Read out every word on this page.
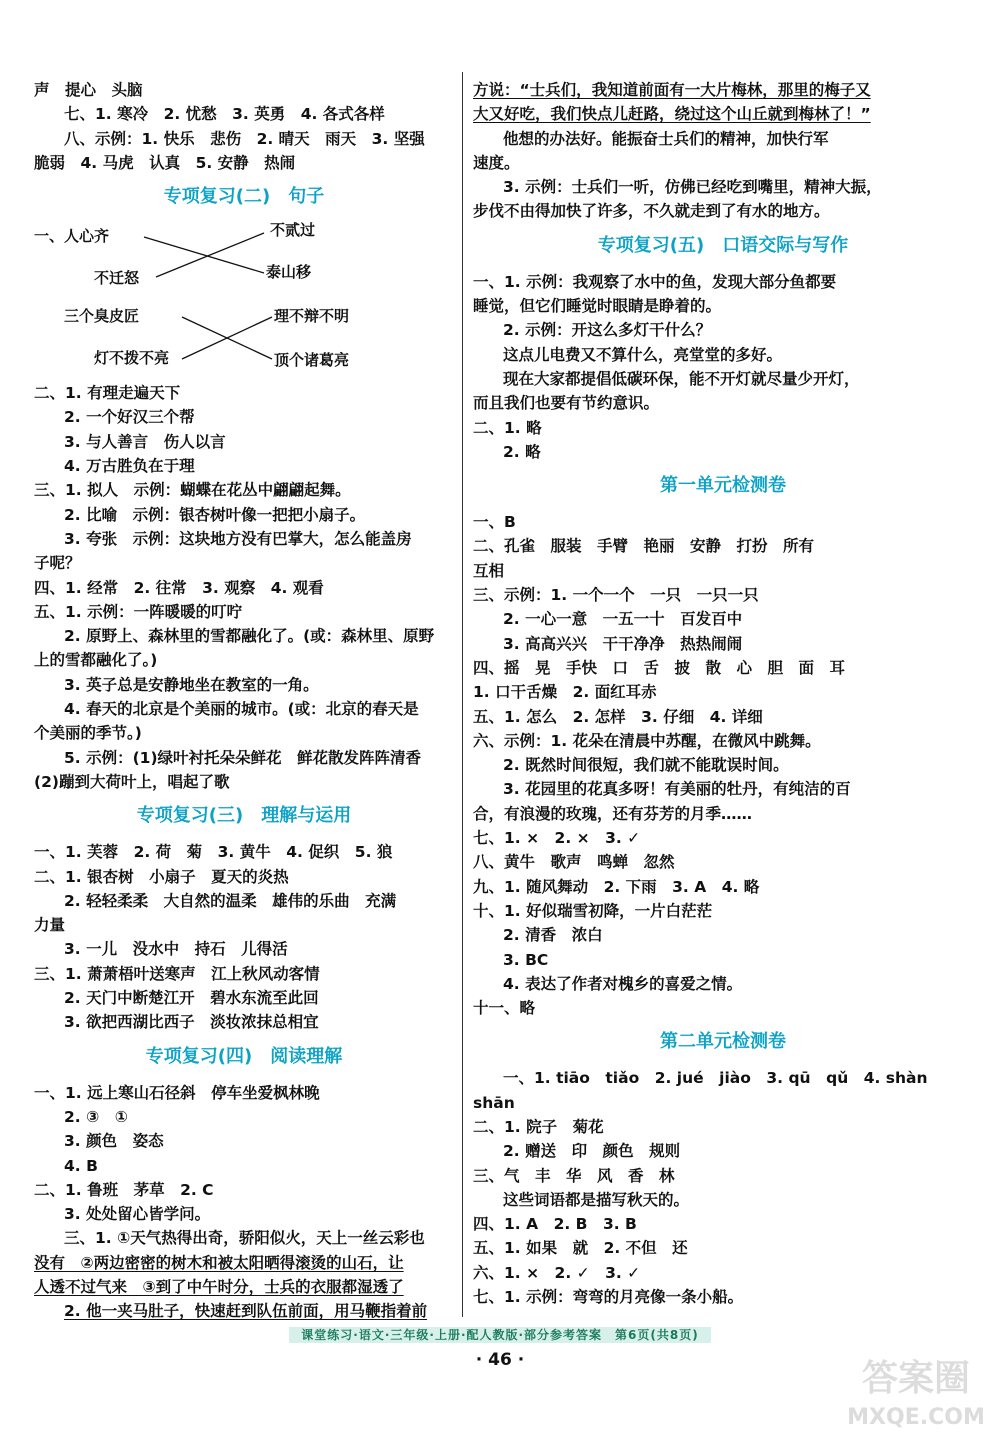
声　提心　头脑
七、1. 寒冷　2. 忧愁　3. 英勇　4. 各式各样
八、示例：1. 快乐　悲伤　2. 晴天　雨天　3. 坚强
脆弱　4. 马虎　认真　5. 安静　热闹
专项复习(二)　句子
一、人心齐
不迁怒
不贰过
泰山移
三个臭皮匠
灯不拨不亮
理不辩不明
顶个诸葛亮
二、1. 有理走遍天下
2. 一个好汉三个帮
3. 与人善言　伤人以言
4. 万古胜负在于理
三、1. 拟人　示例：蝴蝶在花丛中翩翩起舞。
2. 比喻　示例：银杏树叶像一把把小扇子。
3. 夸张　示例：这块地方没有巴掌大，怎么能盖房
子呢？
四、1. 经常　2. 往常　3. 观察　4. 观看
五、1. 示例：一阵暖暖的叮咛
2. 原野上、森林里的雪都融化了。(或：森林里、原野
上的雪都融化了。)
3. 英子总是安静地坐在教室的一角。
4. 春天的北京是个美丽的城市。(或：北京的春天是
个美丽的季节。)
5. 示例：(1)绿叶衬托朵朵鲜花　鲜花散发阵阵清香
(2)蹦到大荷叶上，唱起了歌
专项复习(三)　理解与运用
一、1. 芙蓉　2. 荷　菊　3. 黄牛　4. 促织　5. 狼
二、1. 银杏树　小扇子　夏天的炎热
2. 轻轻柔柔　大自然的温柔　雄伟的乐曲　充满
力量
3. 一儿　没水中　持石　儿得活
三、1. 萧萧梧叶送寒声　江上秋风动客情
2. 天门中断楚江开　碧水东流至此回
3. 欲把西湖比西子　淡妆浓抹总相宜
专项复习(四)　阅读理解
一、1. 远上寒山石径斜　停车坐爱枫林晚
2. ③　①
3. 颜色　姿态
4. B
二、1. 鲁班　茅草　2. C
3. 处处留心皆学问。
三、1. ①天气热得出奇，骄阳似火，天上一丝云彩也
没有　②两边密密的树木和被太阳晒得滚烫的山石，让
人透不过气来　③到了中午时分，士兵的衣服都湿透了
2. 他一夹马肚子，快速赶到队伍前面，用马鞭指着前
方说：“士兵们，我知道前面有一大片梅林，那里的梅子又
大又好吃，我们快点儿赶路，绕过这个山丘就到梅林了！”
他想的办法好。能振奋士兵们的精神，加快行军
速度。
3. 示例：士兵们一听，仿佛已经吃到嘴里，精神大振，
步伐不由得加快了许多，不久就走到了有水的地方。
专项复习(五)　口语交际与写作
一、1. 示例：我观察了水中的鱼，发现大部分鱼都要
睡觉，但它们睡觉时眼睛是睁着的。
2. 示例：开这么多灯干什么？
这点儿电费又不算什么，亮堂堂的多好。
现在大家都提倡低碳环保，能不开灯就尽量少开灯，
而且我们也要有节约意识。
二、1. 略
2. 略
第一单元检测卷
一、B
二、孔雀　服装　手臂　艳丽　安静　打扮　所有
互相
三、示例：1. 一个一个　一只　一只一只
2. 一心一意　一五一十　百发百中
3. 高高兴兴　干干净净　热热闹闹
四、摇　晃　手快　口　舌　披　散　心　胆　面　耳
1. 口干舌燥　2. 面红耳赤
五、1. 怎么　2. 怎样　3. 仔细　4. 详细
六、示例：1. 花朵在清晨中苏醒，在微风中跳舞。
2. 既然时间很短，我们就不能耽误时间。
3. 花园里的花真多呀！有美丽的牡丹，有纯洁的百
合，有浪漫的玫瑰，还有芬芳的月季……
七、1. ×　2. ×　3. ✓
八、黄牛　歌声　鸣蝉　忽然
九、1. 随风舞动　2. 下雨　3. A　4. 略
十、1. 好似瑞雪初降，一片白茫茫
2. 清香　浓白
3. BC
4. 表达了作者对槐乡的喜爱之情。
十一、略
第二单元检测卷
一、1. tiāo　tiǎo　2. jué　jiào　3. qū　qǔ　4. shàn
shān
二、1. 院子　菊花
2. 赠送　印　颜色　规则
三、气　丰　华　风　香　林
这些词语都是描写秋天的。
四、1. A　2. B　3. B
五、1. 如果　就　2. 不但　还
六、1. ×　2. ✓　3. ✓
七、1. 示例：弯弯的月亮像一条小船。
课堂练习·语文·三年级·上册·配人教版·部分参考答案　第6页(共8页)
· 46 ·	答案圈
MXQE.COM
